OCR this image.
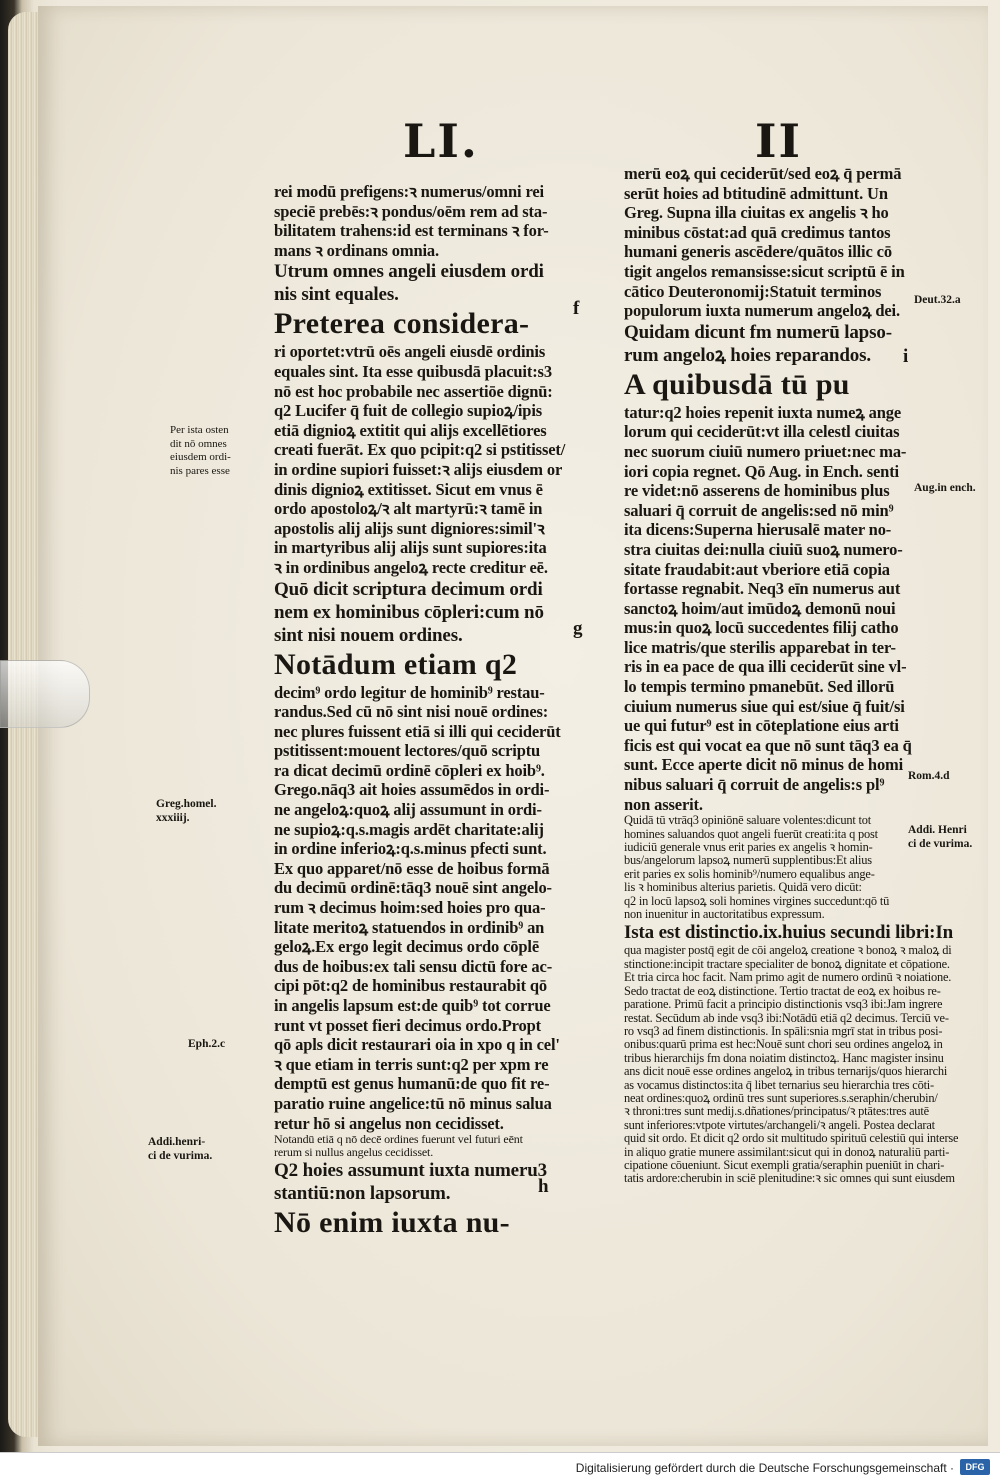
LI.	II
rei modū prefigens:ꝛ numerus/omni rei
speciē prebēs:ꝛ pondus/oēm rem ad sta-
bilitatem trahens:id est terminans ꝛ for-
mans ꝛ ordinans omnia.
Utrum omnes angeli eiusdem ordi
nis sint equales.
Preterea considera-
ri oportet:vtrū oēs angeli eiusdē ordinis
equales sint. Ita esse quibusdā placuit:s3
nō est hoc probabile nec assertiōe dignū:
q2 Lucifer q̄ fuit de collegio supioꝝ/ipis
etiā dignioꝝ extitit qui alijs excellētiores
creati fuerāt. Ex quo pcipit:q2 si pstitisset/
in ordine supiori fuisset:ꝛ alijs eiusdem or
dinis dignioꝝ extitisset. Sicut em vnus ē
ordo apostoloꝝ/ꝛ alt martyrū:ꝛ tamē in
apostolis alij alijs sunt digniores:simil'ꝛ
in martyribus alij alijs sunt supiores:ita
ꝛ in ordinibus angeloꝝ recte creditur eē.
Quō dicit scriptura decimum ordi
nem ex hominibus cōpleri:cum nō
sint nisi nouem ordines.
Notādum etiam q2
decim⁹ ordo legitur de hominib⁹ restau-
randus.Sed cū nō sint nisi nouē ordines:
nec plures fuissent etiā si illi qui ceciderūt
pstitissent:mouent lectores/quō scriptu
ra dicat decimū ordinē cōpleri ex hoib⁹.
Grego.nāq3 ait hoies assumēdos in ordi-
ne angeloꝝ:quoꝝ alij assumunt in ordi-
ne supioꝝ:q.s.magis ardēt charitate:alij
in ordine inferioꝝ:q.s.minus pfecti sunt.
Ex quo apparet/nō esse de hoibus formā
du decimū ordinē:tāq3 nouē sint angelo-
rum ꝛ decimus hoim:sed hoies pro qua-
litate meritoꝝ statuendos in ordinib⁹ an
geloꝝ.Ex ergo legit decimus ordo cōplē
dus de hoibus:ex tali sensu dictū fore ac-
cipi pōt:q2 de hominibus restaurabit qō
in angelis lapsum est:de quib⁹ tot corrue
runt vt posset fieri decimus ordo.Propt
qō apls dicit restaurari oia in xpo q in cel'
ꝛ que etiam in terris sunt:q2 per xpm re
demptū est genus humanū:de quo fit re-
paratio ruine angelice:tū nō minus salua
retur hō si angelus non cecidisset.
Notandū etiā q nō decē ordines fuerunt vel futuri eēnt
rerum si nullus angelus cecidisset.
Q2 hoies assumunt iuxta numeru3
stantiū:non lapsorum.
Nō enim iuxta nu-
merū eoꝝ qui ceciderūt/sed eoꝝ q̄ permā
serūt hoies ad btitudinē admittunt. Un
Greg. Supna illa ciuitas ex angelis ꝛ ho
minibus cōstat:ad quā credimus tantos
humani generis ascēdere/quātos illic cō
tigit angelos remansisse:sicut scriptū ē in
cātico Deuteronomij:Statuit terminos
populorum iuxta numerum angeloꝝ dei.
Quidam dicunt fm numerū lapso-
rum angeloꝝ hoies reparandos.
A quibusdā tū pu
tatur:q2 hoies repenit iuxta numeꝝ ange
lorum qui ceciderūt:vt illa celestl ciuitas
nec suorum ciuiū numero priuet:nec ma-
iori copia regnet. Qō Aug. in Ench. senti
re videt:nō asserens de hominibus plus
saluari q̄ corruit de angelis:sed nō min⁹
ita dicens:Superna hierusalē mater no-
stra ciuitas dei:nulla ciuiū suoꝝ numero-
sitate fraudabit:aut vberiore etiā copia
fortasse regnabit. Neq3 eīn numerus aut
sanctoꝝ hoim/aut imūdoꝝ demonū noui
mus:in quoꝝ locū succedentes filij catho
lice matris/que sterilis apparebat in ter-
ris in ea pace de qua illi ceciderūt sine vl-
lo tempis termino pmanebūt. Sed illorū
ciuium numerus siue qui est/siue q̄ fuit/si
ue qui futur⁹ est in cōteplatione eius arti
ficis est qui vocat ea que nō sunt tāq3 ea q̄
sunt. Ecce aperte dicit nō minus de homi
nibus saluari q̄ corruit de angelis:s pl⁹
non asserit.
Quidā tū vtrāq3 opiniōnē saluare volentes:dicunt tot
homines saluandos quot angeli fuerūt creati:ita q post
iudiciū generale vnus erit paries ex angelis ꝛ homin-
bus/angelorum lapsoꝝ numerū supplentibus:Et alius
erit paries ex solis hominib⁹/numero equalibus ange-
lis ꝛ hominibus alterius parietis. Quidā vero dicūt:
q2 in locū lapsoꝝ soli homines virgines succedunt:qō tū
non inuenitur in auctoritatibus expressum.
Ista est distinctio.ix.huius secundi libri:In
qua magister postq̄ egit de cōi angeloꝝ creatione ꝛ bonoꝝ ꝛ maloꝝ di
stinctione:incipit tractare specialiter de bonoꝝ dignitate et cōpatione.
Et tria circa hoc facit. Nam primo agit de numero ordinū ꝛ noiatione.
Sedo tractat de eoꝝ distinctione. Tertio tractat de eoꝝ ex hoibus re-
paratione. Primū facit a principio distinctionis vsq3 ibi:Jam ingrere
restat. Secūdum ab inde vsq3 ibi:Notādū etiā q2 decimus. Terciū ve-
ro vsq3 ad finem distinctionis. In spāli:snia mgrī stat in tribus posi-
onibus:quarū prima est hec:Nouē sunt chori seu ordines angeloꝝ in
tribus hierarchijs fm dona noiatim distinctoꝝ. Hanc magister insinu
ans dicit nouē esse ordines angeloꝝ in tribus ternarijs/quos hierarchi
as vocamus distinctos:ita q̄ libet ternarius seu hierarchia tres cōti-
neat ordines:quoꝝ ordinū tres sunt superiores.s.seraphin/cherubin/
ꝛ throni:tres sunt medij.s.dñationes/principatus/ꝛ ptātes:tres autē
sunt inferiores:vtpote virtutes/archangeli/ꝛ angeli. Postea declarat
quid sit ordo. Et dicit q2 ordo sit multitudo spirituū celestiū qui interse
in aliquo gratie munere assimilant:sicut qui in donoꝝ naturaliū parti-
cipatione cōueniunt. Sicut exempli gratia/seraphin pueniūt in chari-
tatis ardore:cherubin in sciē plenitudine:ꝛ sic omnes qui sunt eiusdem
f
g
h
i
Per ista osten
dit nō omnes
eiusdem ordi-
nis pares esse
Greg.homel.
xxxiiij.
Eph.2.c
Addi.henri-
ci de vurima.
Deut.32.a
Aug.in ench.
Rom.4.d
Addi. Henri
ci de vurima.
Digitalisierung gefördert durch die Deutsche Forschungsgemeinschaft ·	DFG
